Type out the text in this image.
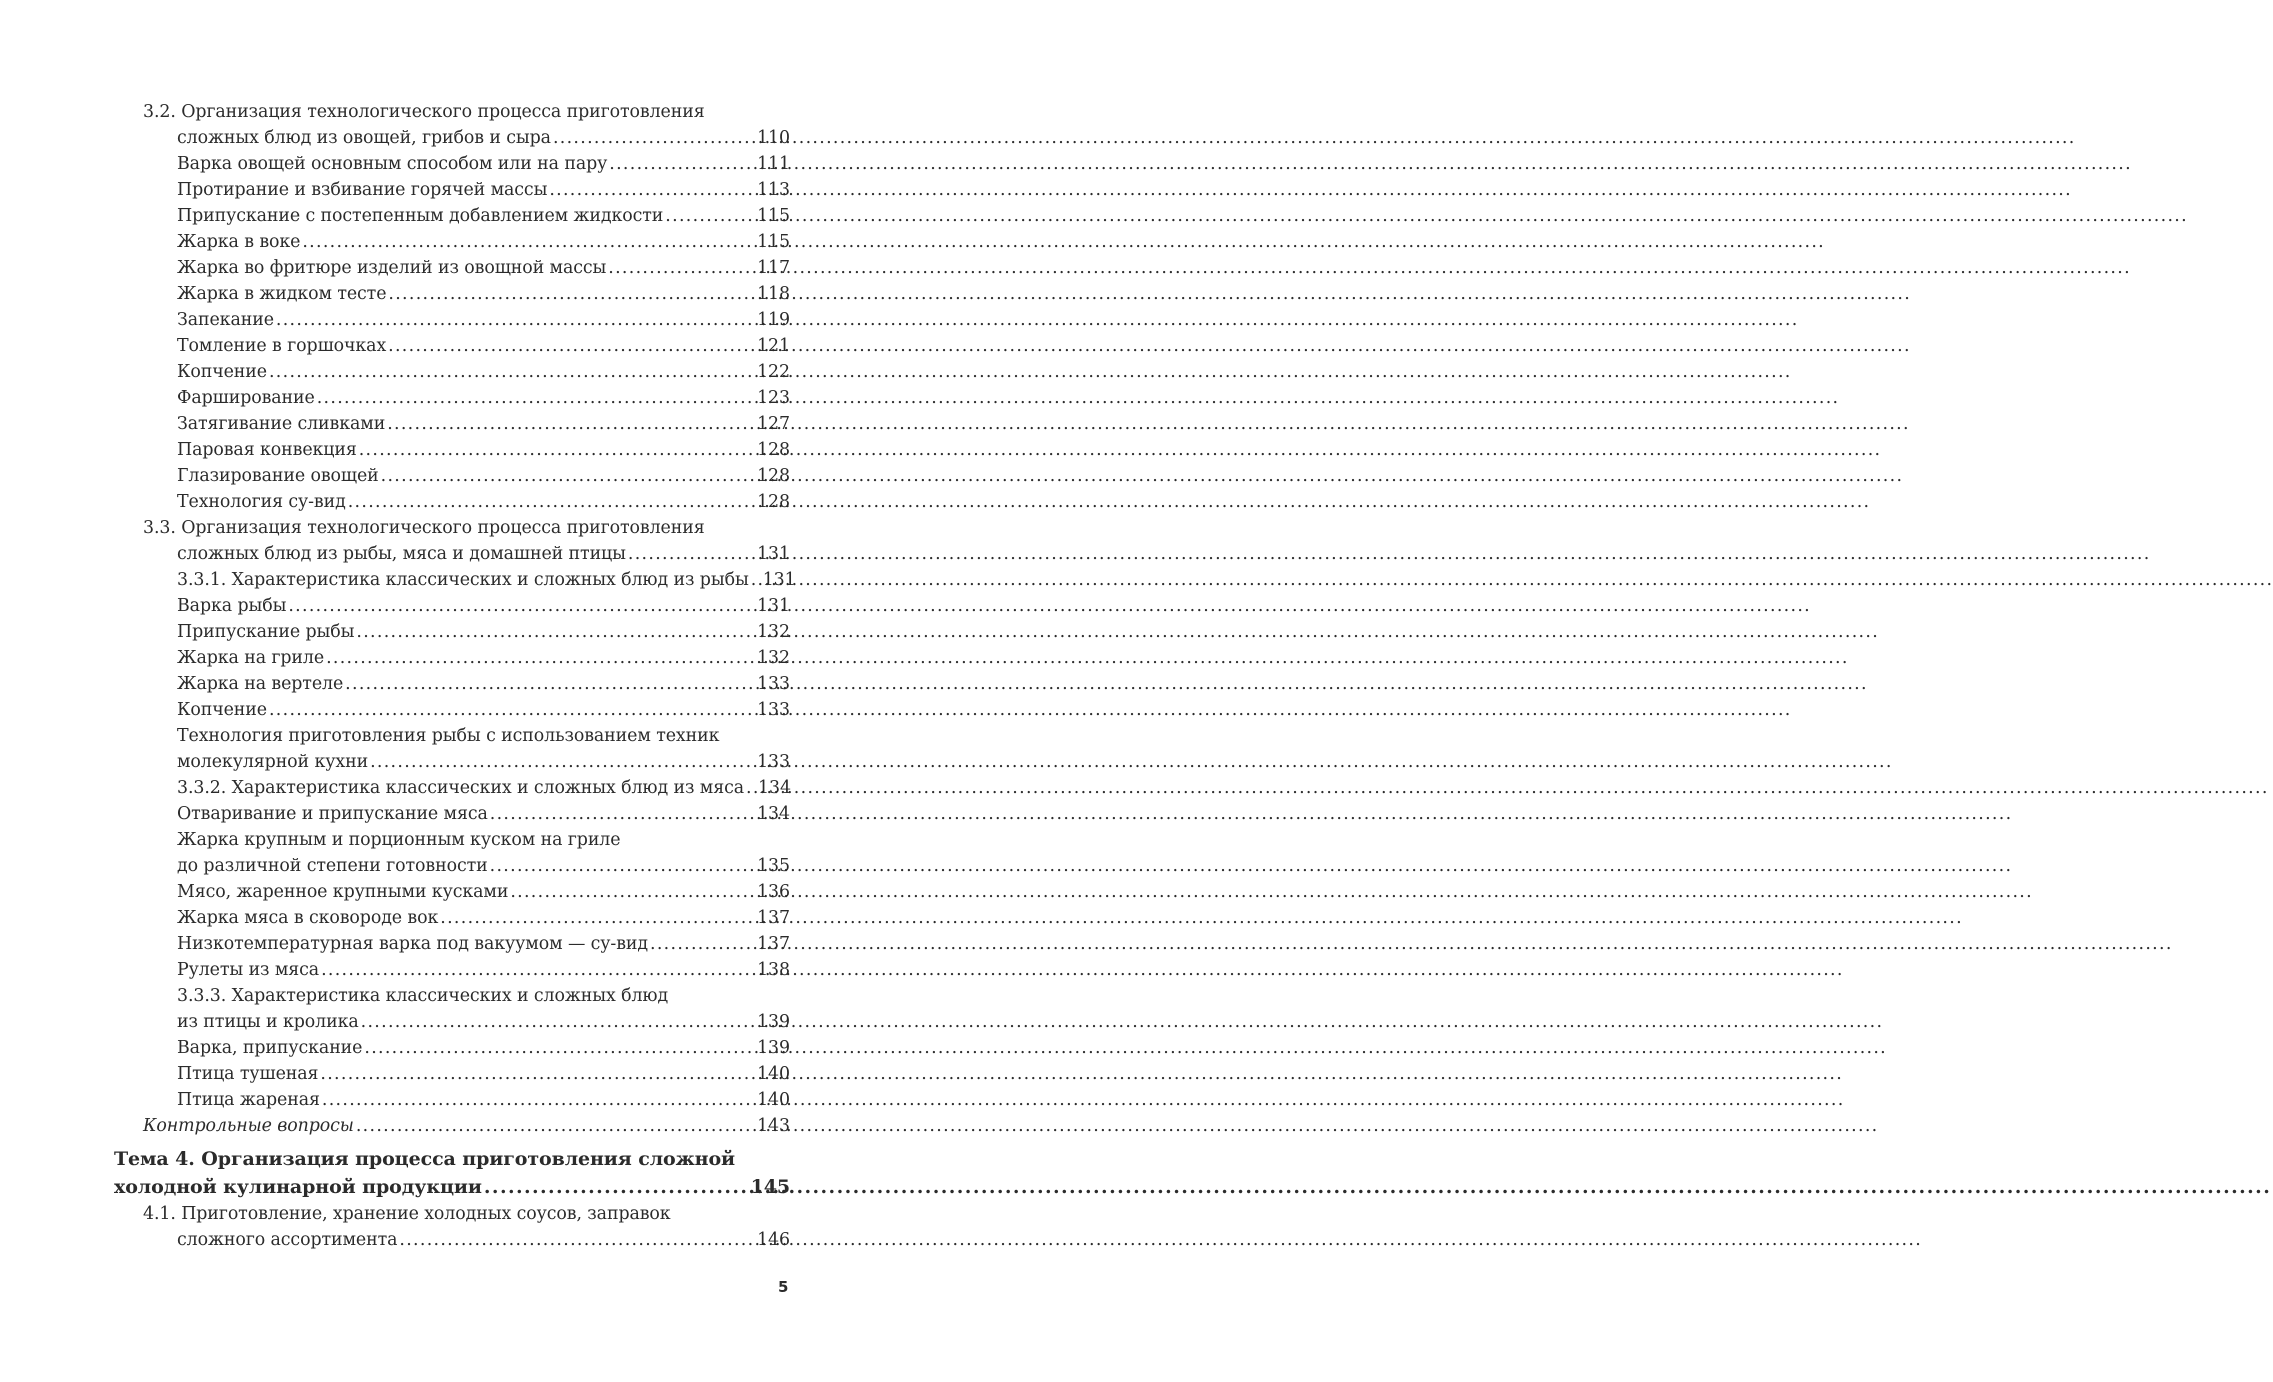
3.2. Организация технологического процесса приготовления
сложных блюд из овощей, грибов и сыра .....	110
Варка овощей основным способом или на пару .....	111
Протирание и взбивание горячей массы .....	113
Припускание с постепенным добавлением жидкости .....	115
Жарка в воке .....	115
Жарка во фритюре изделий из овощной массы .....	117
Жарка в жидком тесте .....	118
Запекание .....	119
Томление в горшочках .....	121
Копчение .....	122
Фарширование .....	123
Затягивание сливками .....	127
Паровая конвекция .....	128
Глазирование овощей .....	128
Технология су-вид .....	128
3.3. Организация технологического процесса приготовления
сложных блюд из рыбы, мяса и домашней птицы .....	131
3.3.1. Характеристика классических и сложных блюд из рыбы ..... 131
Варка рыбы .....	131
Припускание рыбы .....	132
Жарка на гриле .....	132
Жарка на вертеле .....	133
Копчение .....	133
Технология приготовления рыбы с использованием техник
молекулярной кухни .....	133
3.3.2. Характеристика классических и сложных блюд из мяса ..... 134
Отваривание и припускание мяса .....	134
Жарка крупным и порционным куском на гриле
до различной степени готовности .....	135
Мясо, жаренное крупными кусками .....	136
Жарка мяса в сковороде вок .....	137
Низкотемпературная варка под вакуумом — су-вид .....	137
Рулеты из мяса .....	138
3.3.3. Характеристика классических и сложных блюд
из птицы и кролика .....	139
Варка, припускание .....	139
Птица тушеная .....	140
Птица жареная .....	140
Контрольные вопросы .....	143
Тема 4. Организация процесса приготовления сложной
холодной кулинарной продукции .....	145
4.1. Приготовление, хранение холодных соусов, заправок
сложного ассортимента .....	146
5
